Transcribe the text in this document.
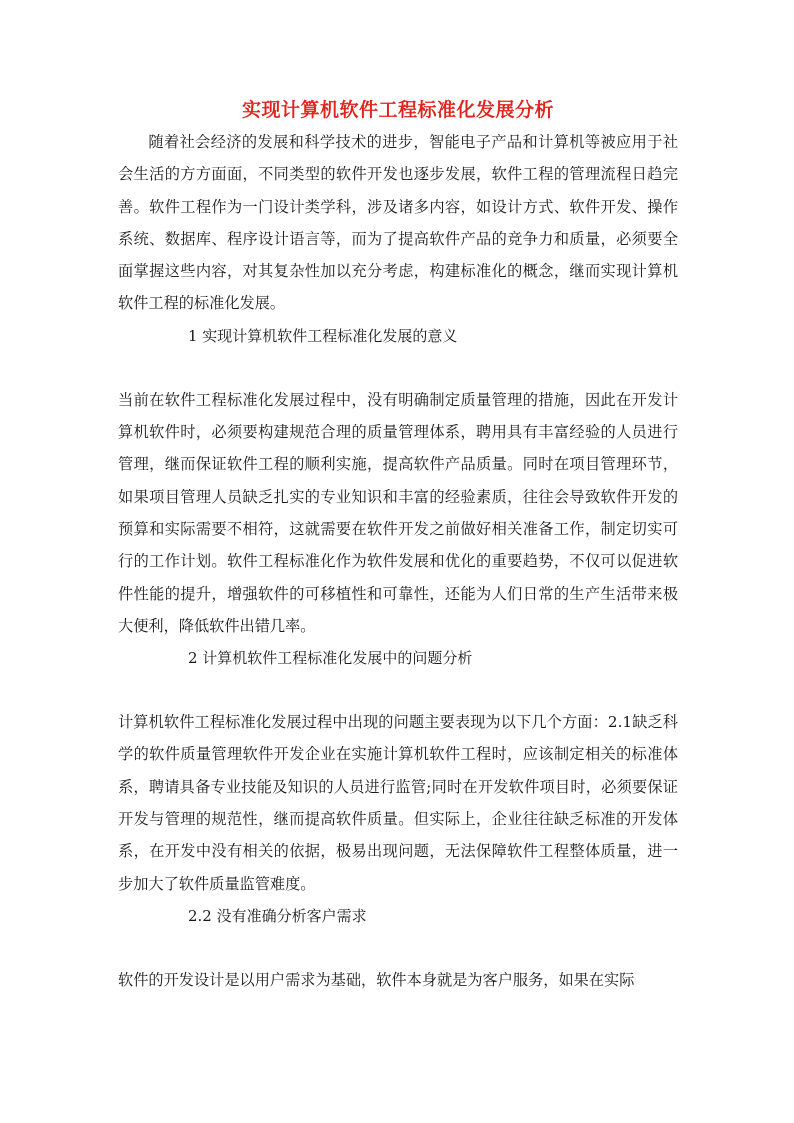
实现计算机软件工程标准化发展分析

随着社会经济的发展和科学技术的进步，智能电子产品和计算机等被应用于社会生活的方方面面，不同类型的软件开发也逐步发展，软件工程的管理流程日趋完善。软件工程作为一门设计类学科，涉及诸多内容，如设计方式、软件开发、操作系统、数据库、程序设计语言等，而为了提高软件产品的竞争力和质量，必须要全面掌握这些内容，对其复杂性加以充分考虑，构建标准化的概念，继而实现计算机软件工程的标准化发展。

1 实现计算机软件工程标准化发展的意义

当前在软件工程标准化发展过程中，没有明确制定质量管理的措施，因此在开发计算机软件时，必须要构建规范合理的质量管理体系，聘用具有丰富经验的人员进行管理，继而保证软件工程的顺利实施，提高软件产品质量。同时在项目管理环节，如果项目管理人员缺乏扎实的专业知识和丰富的经验素质，往往会导致软件开发的预算和实际需要不相符，这就需要在软件开发之前做好相关准备工作，制定切实可行的工作计划。软件工程标准化作为软件发展和优化的重要趋势，不仅可以促进软件性能的提升，增强软件的可移植性和可靠性，还能为人们日常的生产生活带来极大便利，降低软件出错几率。

2 计算机软件工程标准化发展中的问题分析

计算机软件工程标准化发展过程中出现的问题主要表现为以下几个方面：2.1缺乏科学的软件质量管理软件开发企业在实施计算机软件工程时，应该制定相关的标准体系，聘请具备专业技能及知识的人员进行监管;同时在开发软件项目时，必须要保证开发与管理的规范性，继而提高软件质量。但实际上，企业往往缺乏标准的开发体系，在开发中没有相关的依据，极易出现问题，无法保障软件工程整体质量，进一步加大了软件质量监管难度。

2.2 没有准确分析客户需求

软件的开发设计是以用户需求为基础，软件本身就是为客户服务，如果在实际
